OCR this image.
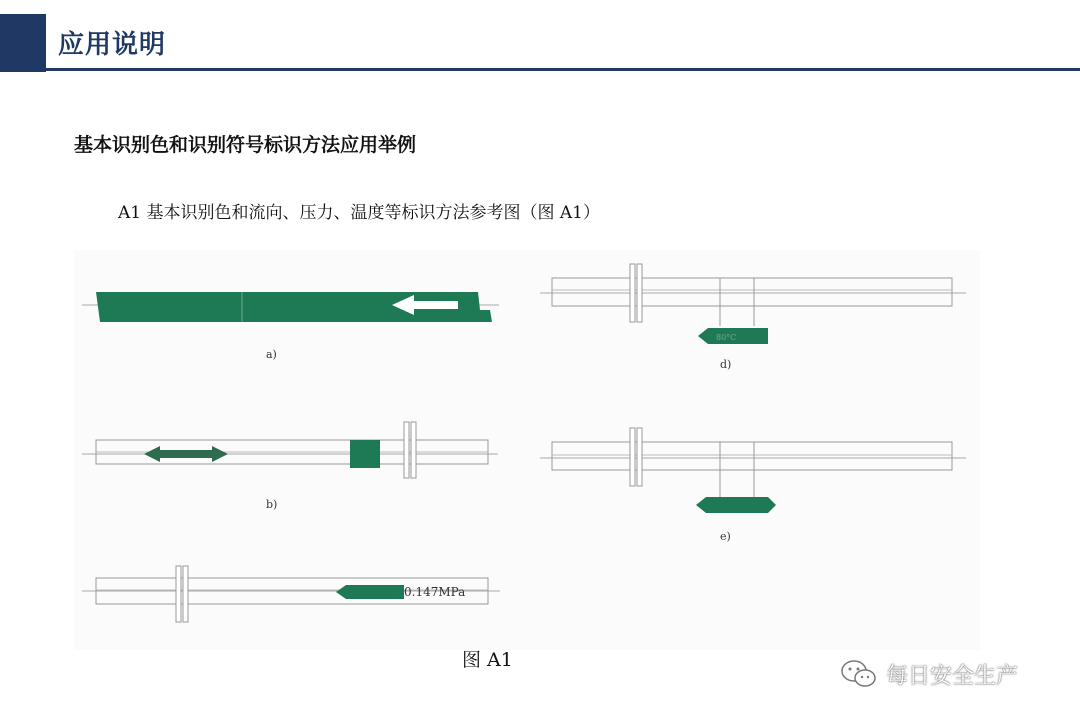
应用说明
基本识别色和识别符号标识方法应用举例
A1 基本识别色和流向、压力、温度等标识方法参考图（图 A1）
a)
b)
0.147MPa
80°C
d)
e)
图 A1
每日安全生产
